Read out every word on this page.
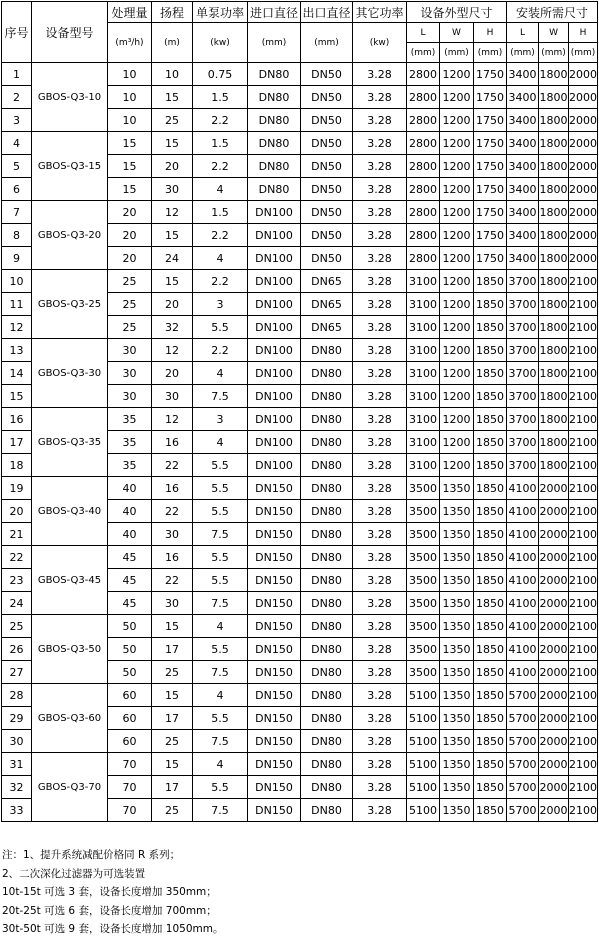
序号	设备型号	处理量	扬程	单泵功率	进口直径	出口直径	其它功率	设备外型尺寸			安装所需尺寸		
		(m³/h)	(m)	(kw)	(mm)	(mm)	(kw)	L	W	H	L	W	H
								(mm)	(mm)	(mm)	(mm)	(mm)	(mm)
1	GBOS-Q3-10	10	10	0.75	DN80	DN50	3.28	2800	1200	1750	3400	1800	2000
2		10	15	1.5	DN80	DN50	3.28	2800	1200	1750	3400	1800	2000
3		10	25	2.2	DN80	DN50	3.28	2800	1200	1750	3400	1800	2000
4	GBOS-Q3-15	15	15	1.5	DN80	DN50	3.28	2800	1200	1750	3400	1800	2000
5		15	20	2.2	DN80	DN50	3.28	2800	1200	1750	3400	1800	2000
6		15	30	4	DN80	DN50	3.28	2800	1200	1750	3400	1800	2000
7	GBOS-Q3-20	20	12	1.5	DN100	DN50	3.28	2800	1200	1750	3400	1800	2000
8		20	15	2.2	DN100	DN50	3.28	2800	1200	1750	3400	1800	2000
9		20	24	4	DN100	DN50	3.28	2800	1200	1750	3400	1800	2000
10	GBOS-Q3-25	25	15	2.2	DN100	DN65	3.28	3100	1200	1850	3700	1800	2100
11		25	20	3	DN100	DN65	3.28	3100	1200	1850	3700	1800	2100
12		25	32	5.5	DN100	DN65	3.28	3100	1200	1850	3700	1800	2100
13	GBOS-Q3-30	30	12	2.2	DN100	DN80	3.28	3100	1200	1850	3700	1800	2100
14		30	20	4	DN100	DN80	3.28	3100	1200	1850	3700	1800	2100
15		30	30	7.5	DN100	DN80	3.28	3100	1200	1850	3700	1800	2100
16	GBOS-Q3-35	35	12	3	DN100	DN80	3.28	3100	1200	1850	3700	1800	2100
17		35	16	4	DN100	DN80	3.28	3100	1200	1850	3700	1800	2100
18		35	22	5.5	DN100	DN80	3.28	3100	1200	1850	3700	1800	2100
19	GBOS-Q3-40	40	16	5.5	DN150	DN80	3.28	3500	1350	1850	4100	2000	2100
20		40	22	5.5	DN150	DN80	3.28	3500	1350	1850	4100	2000	2100
21		40	30	7.5	DN150	DN80	3.28	3500	1350	1850	4100	2000	2100
22	GBOS-Q3-45	45	16	5.5	DN150	DN80	3.28	3500	1350	1850	4100	2000	2100
23		45	22	5.5	DN150	DN80	3.28	3500	1350	1850	4100	2000	2100
24		45	30	7.5	DN150	DN80	3.28	3500	1350	1850	4100	2000	2100
25	GBOS-Q3-50	50	15	4	DN150	DN80	3.28	3500	1350	1850	4100	2000	2100
26		50	17	5.5	DN150	DN80	3.28	3500	1350	1850	4100	2000	2100
27		50	25	7.5	DN150	DN80	3.28	3500	1350	1850	4100	2000	2100
28	GBOS-Q3-60	60	15	4	DN150	DN80	3.28	5100	1350	1850	5700	2000	2100
29		60	17	5.5	DN150	DN80	3.28	5100	1350	1850	5700	2000	2100
30		60	25	7.5	DN150	DN80	3.28	5100	1350	1850	5700	2000	2100
31	GBOS-Q3-70	70	15	4	DN150	DN80	3.28	5100	1350	1850	5700	2000	2100
32		70	17	5.5	DN150	DN80	3.28	5100	1350	1850	5700	2000	2100
33		70	25	7.5	DN150	DN80	3.28	5100	1350	1850	5700	2000	2100
注：1、提升系统减配价格同 R 系列；
2、二次深化过滤器为可选装置
10t-15t 可选 3 套，设备长度增加 350mm；
20t-25t 可选 6 套，设备长度增加 700mm；
30t-50t 可选 9 套，设备长度增加 1050mm。
